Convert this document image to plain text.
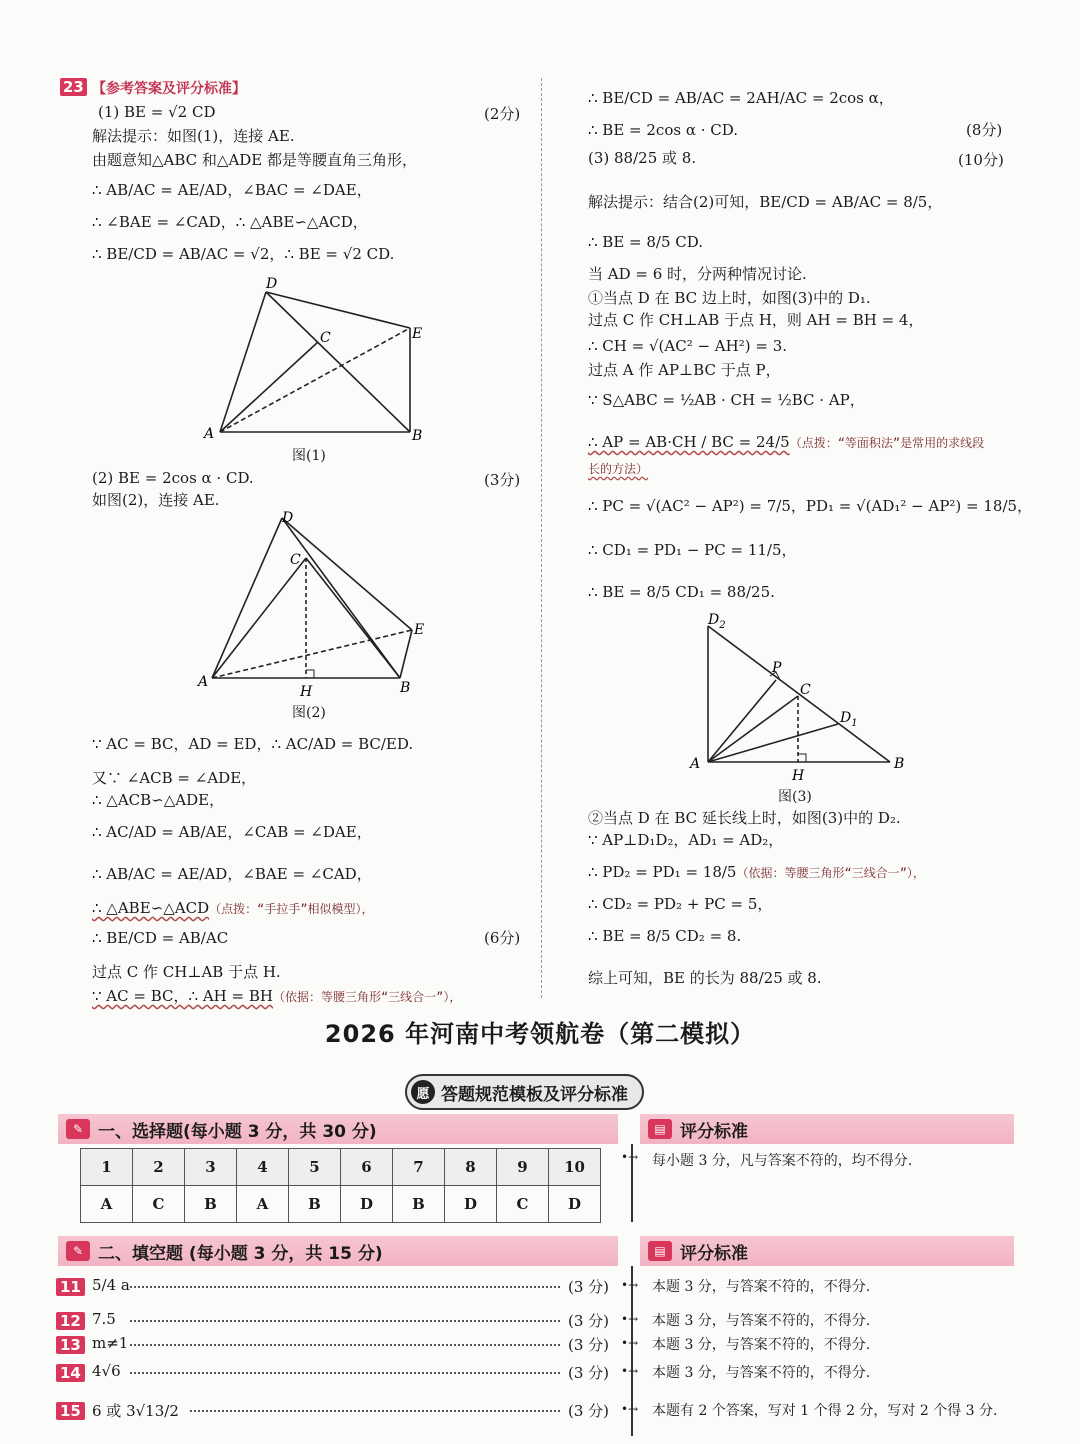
23 【参考答案及评分标准】
(1) BE = √2 CD	(2分)
解法提示：如图(1)，连接 AE.
由题意知△ABC 和△ADE 都是等腰直角三角形，
∴ AB/AC = AE/AD，∠BAC = ∠DAE，
∴ ∠BAE = ∠CAD，∴ △ABE∽△ACD，
∴ BE/CD = AB/AC = √2，∴ BE = √2 CD.
A	B
C
D
E
图(1)
(2) BE = 2cos α · CD.	(3分)
如图(2)，连接 AE.
A	B
C
D
E
H
图(2)
∵ AC = BC，AD = ED，∴ AC/AD = BC/ED.
又∵ ∠ACB = ∠ADE，
∴ △ACB∽△ADE，
∴ AC/AD = AB/AE，∠CAB = ∠DAE，
∴ AB/AC = AE/AD，∠BAE = ∠CAD，
∴ △ABE∽△ACD（点拨：“手拉手”相似模型），
∴ BE/CD = AB/AC	(6分)
过点 C 作 CH⊥AB 于点 H.
∵ AC = BC，∴ AH = BH（依据：等腰三角形“三线合一”），
∴ BE/CD = AB/AC = 2AH/AC = 2cos α，
∴ BE = 2cos α · CD.	(8分)
(3) 88/25 或 8.	(10分)
解法提示：结合(2)可知，BE/CD = AB/AC = 8/5，
∴ BE = 8/5 CD.
当 AD = 6 时，分两种情况讨论.
①当点 D 在 BC 边上时，如图(3)中的 D₁.
过点 C 作 CH⊥AB 于点 H，则 AH = BH = 4，
∴ CH = √(AC² − AH²) = 3.
过点 A 作 AP⊥BC 于点 P，
∵ S△ABC = ½AB · CH = ½BC · AP，
∴ AP = AB·CH / BC = 24/5（点拨：“等面积法”是常用的求线段
长的方法）
∴ PC = √(AC² − AP²) = 7/5，PD₁ = √(AD₁² − AP²) = 18/5，
∴ CD₁ = PD₁ − PC = 11/5，
∴ BE = 8/5 CD₁ = 88/25.
A	B
C
$D_2$
$D_1$
P
H
图(3)
②当点 D 在 BC 延长线上时，如图(3)中的 D₂.
∵ AP⊥D₁D₂，AD₁ = AD₂，
∴ PD₂ = PD₁ = 18/5（依据：等腰三角形“三线合一”），
∴ CD₂ = PD₂ + PC = 5，
∴ BE = 8/5 CD₂ = 8.
综上可知，BE 的长为 88/25 或 8.
2026 年河南中考领航卷（第二模拟）
愿 答题规范模板及评分标准
✎ 一、选择题(每小题 3 分，共 30 分)	▤ 评分标准
1	2	3	4	5	6	7	8	9	10
A	C	B	A	B	D	B	D	C	D
•→ 每小题 3 分，凡与答案不符的，均不得分.
✎ 二、填空题 (每小题 3 分，共 15 分)	▤ 评分标准
11 5/4 a	(3 分) •→ 本题 3 分，与答案不符的，不得分.
12 7.5	(3 分) •→ 本题 3 分，与答案不符的，不得分.
13 m≠1	(3 分) •→ 本题 3 分，与答案不符的，不得分.
14 4√6	(3 分) •→ 本题 3 分，与答案不符的，不得分.
15 6 或 3√13/2	(3 分) •→ 本题有 2 个答案，写对 1 个得 2 分，写对 2 个得 3 分.
